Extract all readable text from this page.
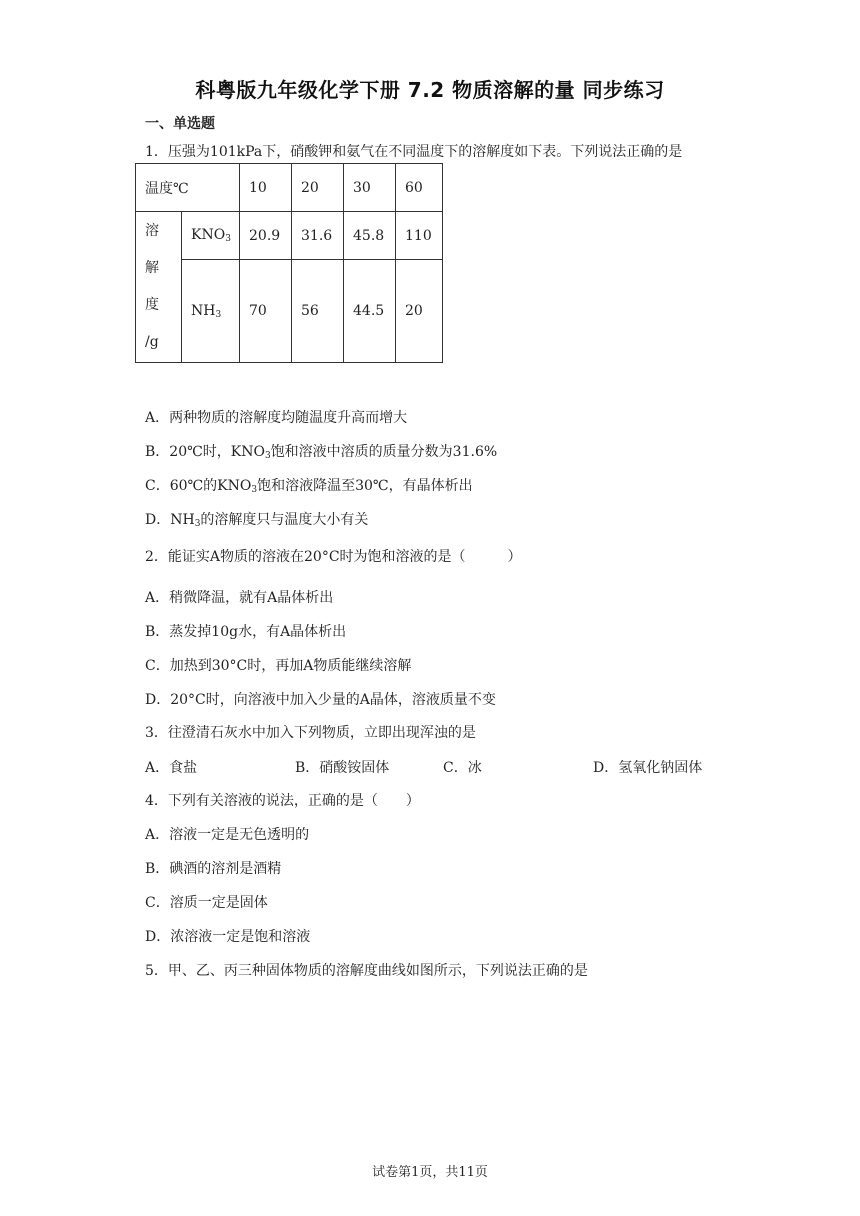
科粤版九年级化学下册 7.2 物质溶解的量 同步练习
一、单选题
1．压强为101kPa下，硝酸钾和氨气在不同温度下的溶解度如下表。下列说法正确的是
温度℃		10	20	30	60

溶
解
度
/g	$KNO_3$	20.9	31.6	45.8	110
	$NH_3$	70	56	44.5	20
A．两种物质的溶解度均随温度升高而增大
B．20℃时，$KNO_3$饱和溶液中溶质的质量分数为31.6%
C．60℃的$KNO_3$饱和溶液降温至30℃，有晶体析出
D．$NH_3$的溶解度只与温度大小有关
2．能证实A物质的溶液在20°C时为饱和溶液的是（　　　）
A．稍微降温，就有A晶体析出
B．蒸发掉10g水，有A晶体析出
C．加热到30°C时，再加A物质能继续溶解
D．20°C时，向溶液中加入少量的A晶体，溶液质量不变
3．往澄清石灰水中加入下列物质，立即出现浑浊的是
A．食盐	B．硝酸铵固体	C．冰	D．氢氧化钠固体
4．下列有关溶液的说法，正确的是（　　）
A．溶液一定是无色透明的
B．碘酒的溶剂是酒精
C．溶质一定是固体
D．浓溶液一定是饱和溶液
5．甲、乙、丙三种固体物质的溶解度曲线如图所示，下列说法正确的是
试卷第1页，共11页
